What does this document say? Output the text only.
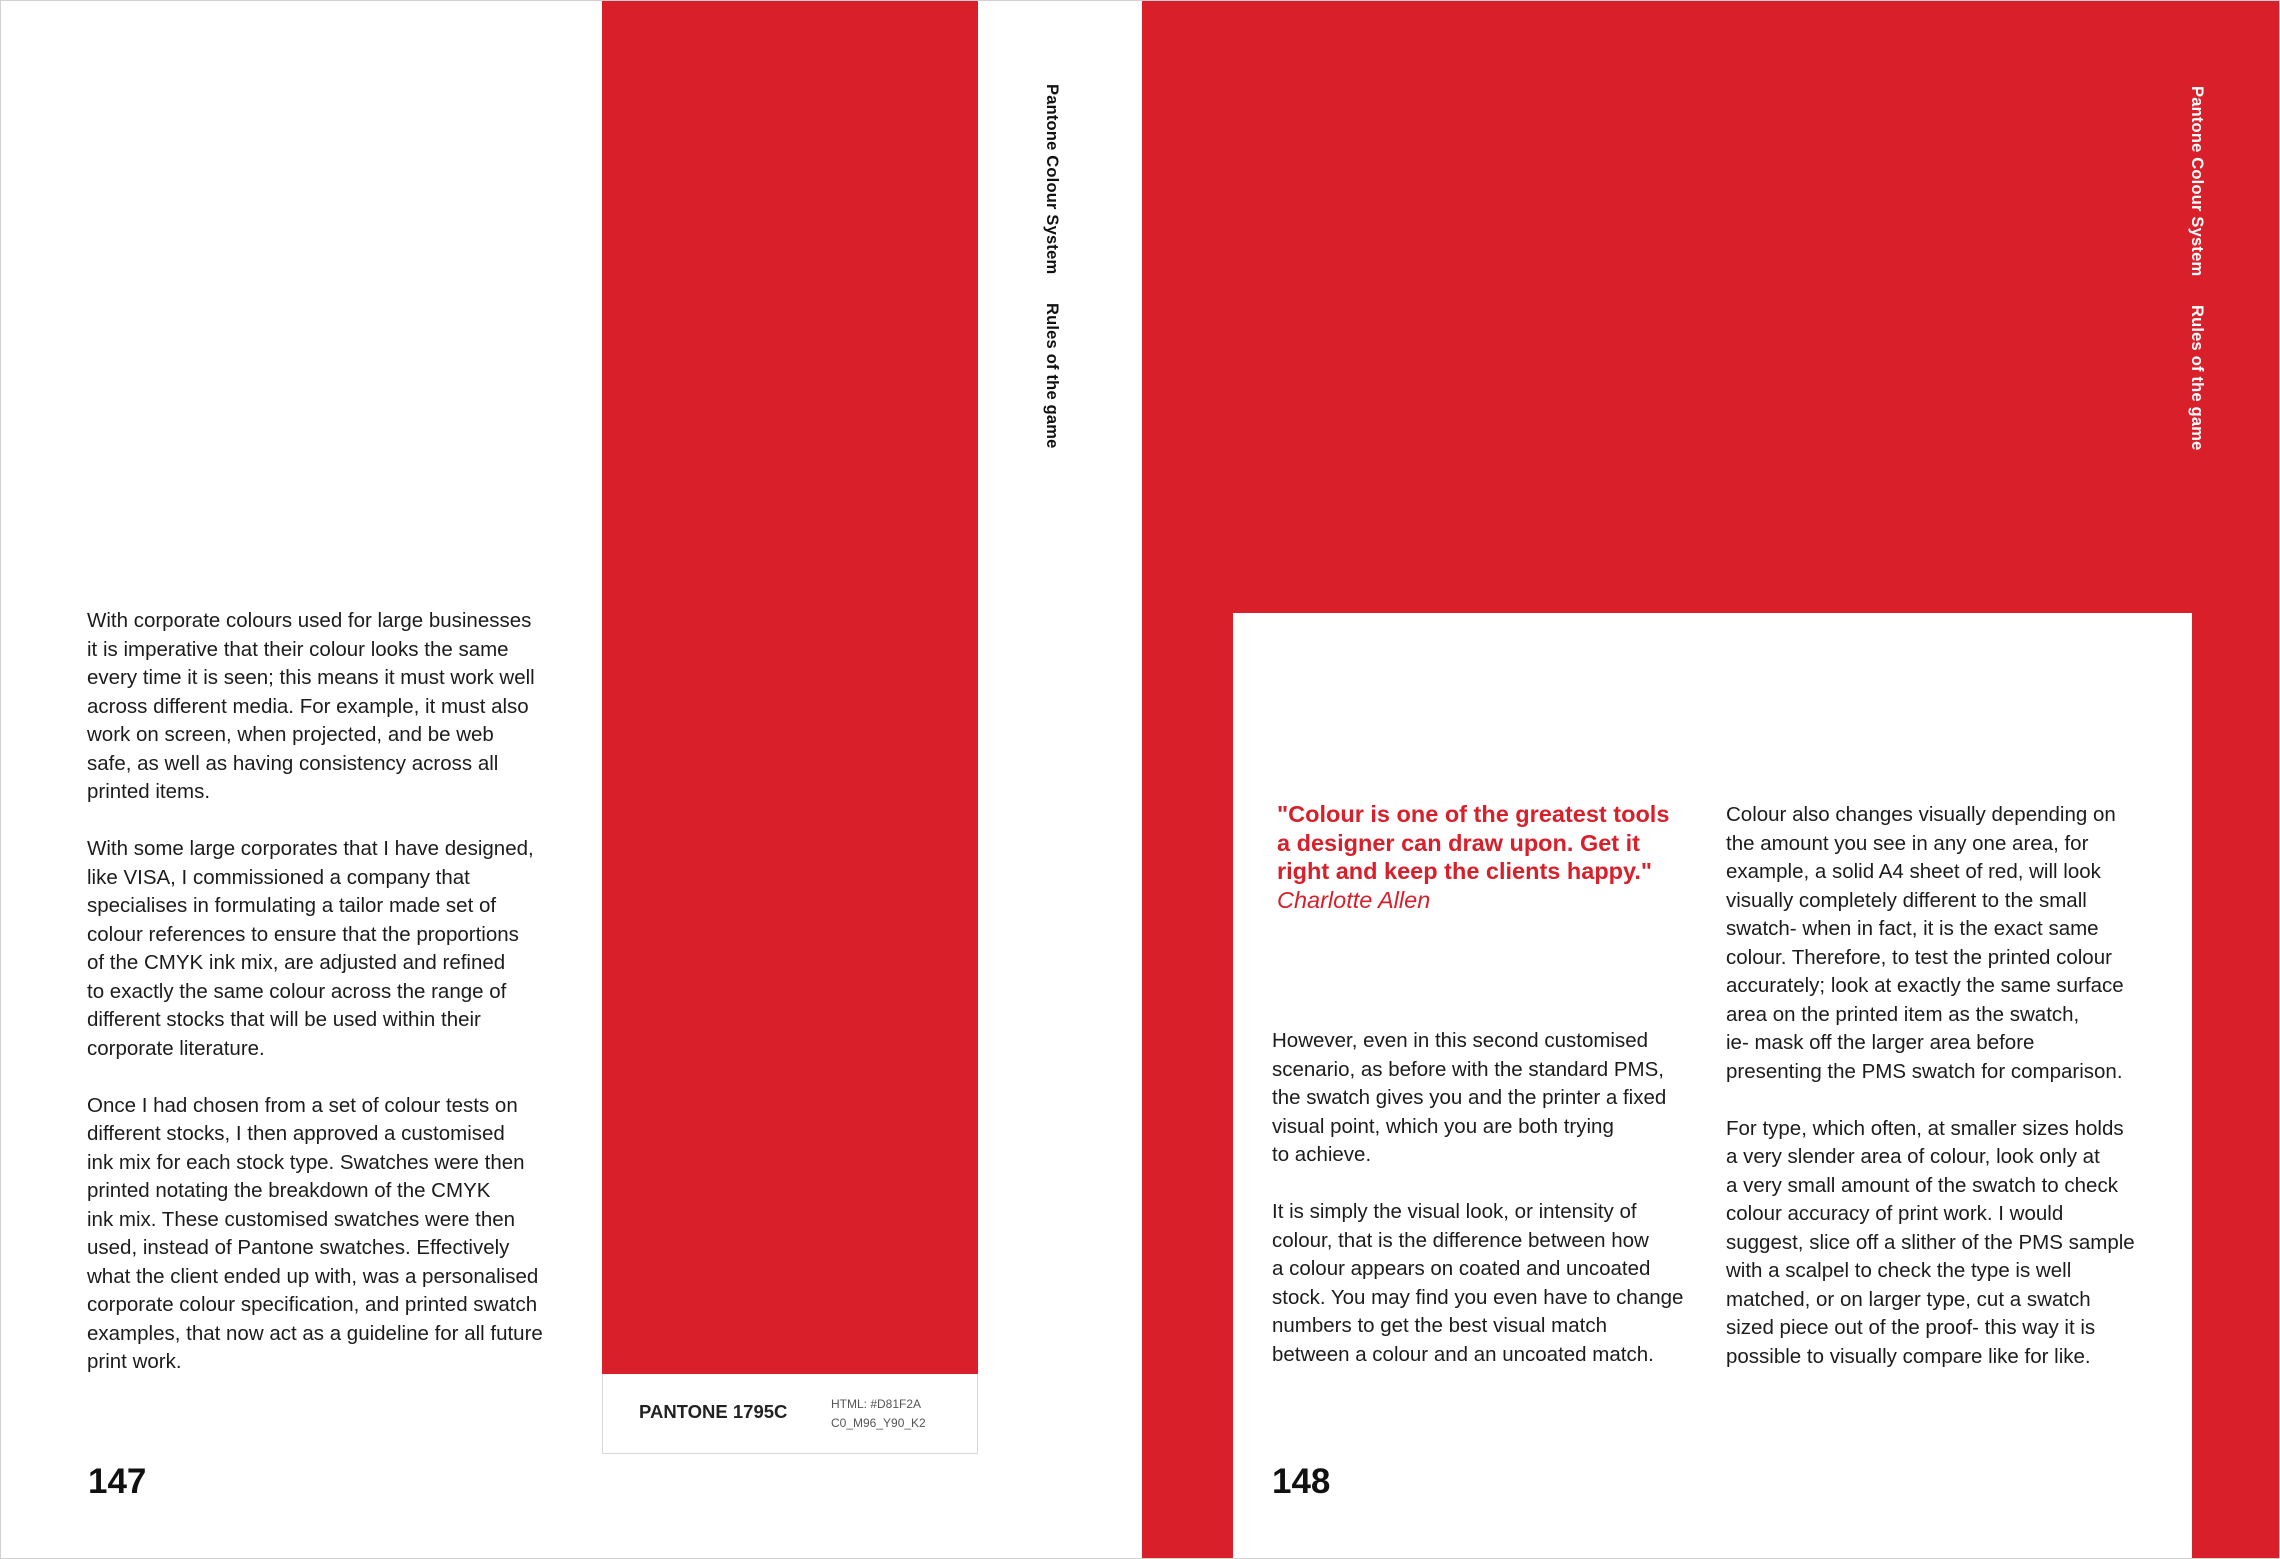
With corporate colours used for large businesses
it is imperative that their colour looks the same
every time it is seen; this means it must work well
across different media. For example, it must also
work on screen, when projected, and be web
safe, as well as having consistency across all
printed items.

With some large corporates that I have designed,
like VISA, I commissioned a company that
specialises in formulating a tailor made set of
colour references to ensure that the proportions
of the CMYK ink mix, are adjusted and refined
to exactly the same colour across the range of
different stocks that will be used within their
corporate literature.

Once I had chosen from a set of colour tests on
different stocks, I then approved a customised
ink mix for each stock type. Swatches were then
printed notating the breakdown of the CMYK
ink mix. These customised swatches were then
used, instead of Pantone swatches. Effectively
what the client ended up with, was a personalised
corporate colour specification, and printed swatch
examples, that now act as a guideline for all future
print work.

147
PANTONE 1795C	HTML: #D81F2A
C0_M96_Y90_K2
Pantone Colour System Rules of the game
Pantone Colour System Rules of the game
"Colour is one of the greatest tools
a designer can draw upon. Get it
right and keep the clients happy."
Charlotte Allen

However, even in this second customised
scenario, as before with the standard PMS,
the swatch gives you and the printer a fixed
visual point, which you are both trying
to achieve.

It is simply the visual look, or intensity of
colour, that is the difference between how
a colour appears on coated and uncoated
stock. You may find you even have to change
numbers to get the best visual match
between a colour and an uncoated match.

Colour also changes visually depending on
the amount you see in any one area, for
example, a solid A4 sheet of red, will look
visually completely different to the small
swatch- when in fact, it is the exact same
colour. Therefore, to test the printed colour
accurately; look at exactly the same surface
area on the printed item as the swatch,
ie- mask off the larger area before
presenting the PMS swatch for comparison.

For type, which often, at smaller sizes holds
a very slender area of colour, look only at
a very small amount of the swatch to check
colour accuracy of print work. I would
suggest, slice off a slither of the PMS sample
with a scalpel to check the type is well
matched, or on larger type, cut a swatch
sized piece out of the proof- this way it is
possible to visually compare like for like.

148
